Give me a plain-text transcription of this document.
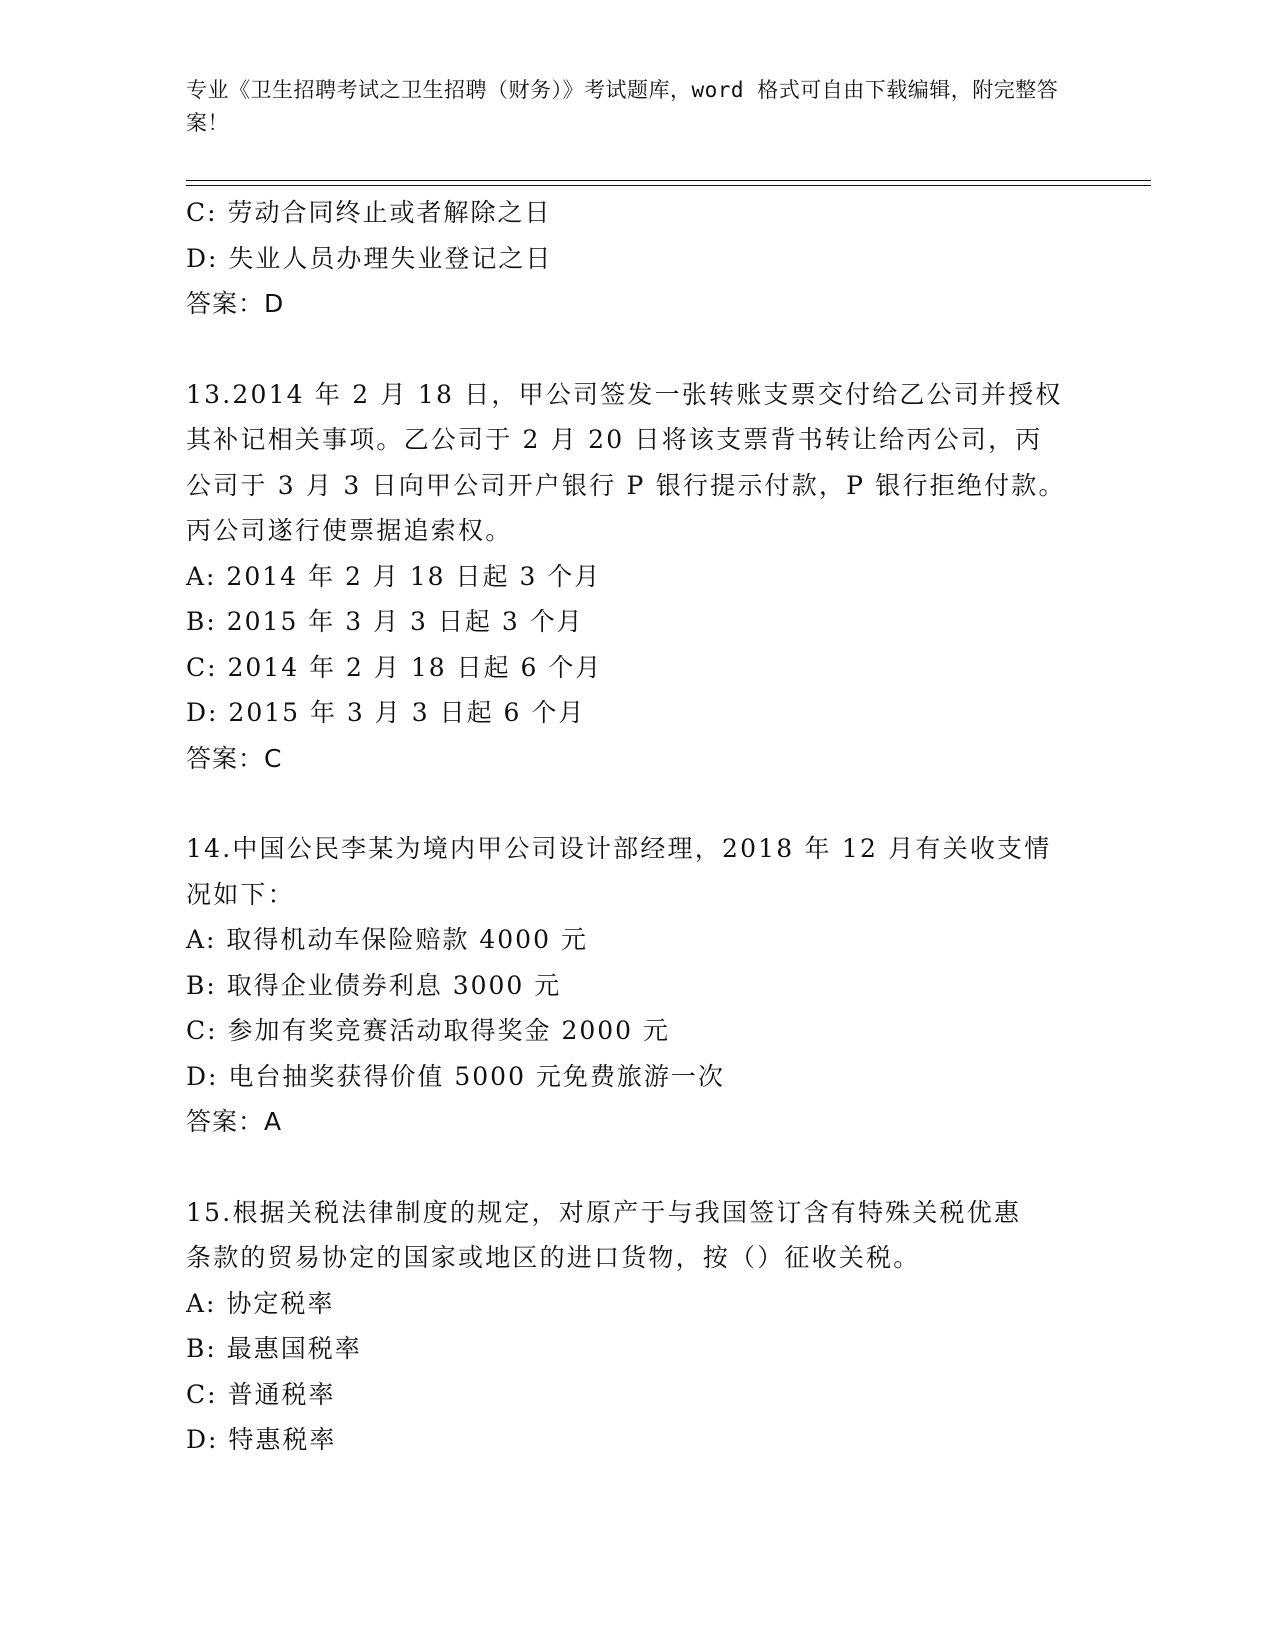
专业《卫生招聘考试之卫生招聘（财务）》考试题库，word 格式可自由下载编辑，附完整答案！
C: 劳动合同终止或者解除之日
D: 失业人员办理失业登记之日
答案：D
13.2014 年 2 月 18 日，甲公司签发一张转账支票交付给乙公司并授权
其补记相关事项。乙公司于 2 月 20 日将该支票背书转让给丙公司，丙
公司于 3 月 3 日向甲公司开户银行 P 银行提示付款，P 银行拒绝付款。
丙公司遂行使票据追索权。
A: 2014 年 2 月 18 日起 3 个月
B: 2015 年 3 月 3 日起 3 个月
C: 2014 年 2 月 18 日起 6 个月
D: 2015 年 3 月 3 日起 6 个月
答案：C
14.中国公民李某为境内甲公司设计部经理，2018 年 12 月有关收支情
况如下：
A: 取得机动车保险赔款 4000 元
B: 取得企业债券利息 3000 元
C: 参加有奖竞赛活动取得奖金 2000 元
D: 电台抽奖获得价值 5000 元免费旅游一次
答案：A
15.根据关税法律制度的规定，对原产于与我国签订含有特殊关税优惠
条款的贸易协定的国家或地区的进口货物，按（）征收关税。
A: 协定税率
B: 最惠国税率
C: 普通税率
D: 特惠税率
